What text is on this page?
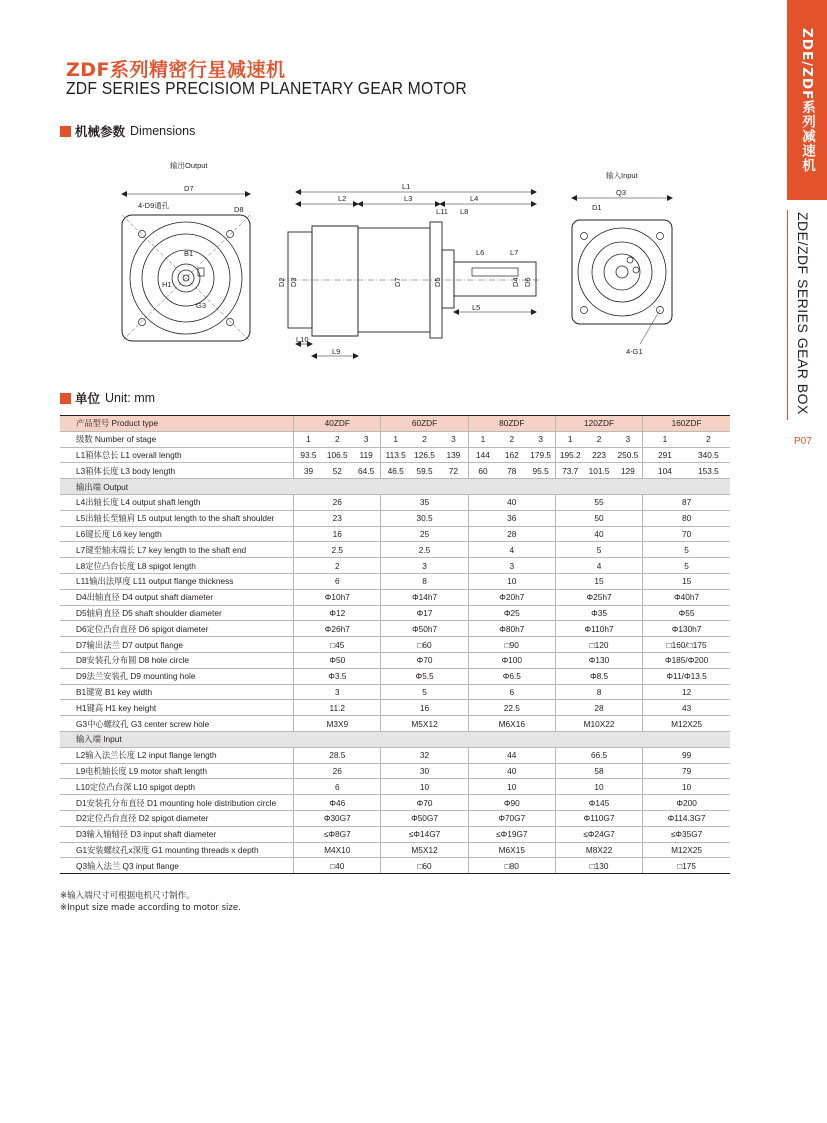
ZDF系列精密行星减速机
ZDF SERIES PRECISIOM PLANETARY GEAR MOTOR	ZDE/ZDF系列减速机
ZDE/ZDF SERIES GEAR BOX
P07
机械参数 Dimensions
输出Output
D7
4-D9通孔	D8
B1
H1
G3
L1
L2	L3	L4
L11 L8
L6	L7
L5
L10
L9
D2 D3	D7	D5	D4 D6
输入Input
Q3
D1
4-G1
单位 Unit: mm
产品型号 Product type	40ZDF			60ZDF			80ZDF			120ZDF			160ZDF	
级数 Number of stage	1	2	3	1	2	3	1	2	3	1	2	3	1	2
L1箱体总长 L1 overall length	93.5	106.5	119	113.5	126.5	139	144	162	179.5	195.2	223	250.5	291	340.5
L3箱体长度 L3 body length	39	52	64.5	46.5	59.5	72	60	78	95.5	73.7	101.5	129	104	153.5
输出端 Output														
L4出轴长度 L4 output shaft length	26			35			40			55			87	
L5出轴长至轴肩 L5 output length to the shaft shoulder	23			30.5			36			50			80	
L6键长度 L6 key length	16			25			28			40			70	
L7键至轴末端长 L7 key length to the shaft end	2.5			2.5			4			5			5	
L8定位凸台长度 L8 spigot length	2			3			3			4			5	
L11输出法厚度 L11 output flange thickness	6			8			10			15			15	
D4出轴直径 D4 output shaft diameter	Φ10h7			Φ14h7			Φ20h7			Φ25h7			Φ40h7	
D5轴肩直径 D5 shaft shoulder diameter	Φ12			Φ17			Φ25			Φ35			Φ55	
D6定位凸台直径 D6 spigot diameter	Φ26h7			Φ50h7			Φ80h7			Φ110h7			Φ130h7	
D7输出法兰 D7 output flange	□45			□60			□90			□120			□160/□175	
D8安装孔分布圆 D8 hole circle	Φ50			Φ70			Φ100			Φ130			Φ185/Φ200	
D9法兰安装孔 D9 mounting hole	Φ3.5			Φ5.5			Φ6.5			Φ8.5			Φ11/Φ13.5	
B1键宽 B1 key width	3			5			6			8			12	
H1键高 H1 key height	11.2			16			22.5			28			43	
G3中心螺纹孔 G3 center screw hole	M3X9			M5X12			M6X16			M10X22			M12X25	
输入端 Input														
L2输入法兰长度 L2 input flange length	28.5			32			44			66.5			99	
L9电机轴长度 L9 motor shaft length	26			30			40			58			79	
L10定位凸台深 L10 spigot depth	6			10			10			10			10	
D1安装孔分布直径 D1 mounting hole distribution circle	Φ46			Φ70			Φ90			Φ145			Φ200	
D2定位凸台直径 D2 spigot diameter	Φ30G7			Φ50G7			Φ70G7			Φ110G7			Φ114.3G7	
D3输入轴轴径 D3 input shaft diameter	≤Φ8G7			≤Φ14G7			≤Φ19G7			≤Φ24G7			≤Φ35G7	
G1安装螺纹孔x深度 G1 mounting threads x depth	M4X10			M5X12			M6X15			M8X22			M12X25	
Q3输入法兰 Q3 input flange	□40			□60			□80			□130			□175	
※输入端尺寸可根据电机尺寸制作。
※Input size made according to motor size.
